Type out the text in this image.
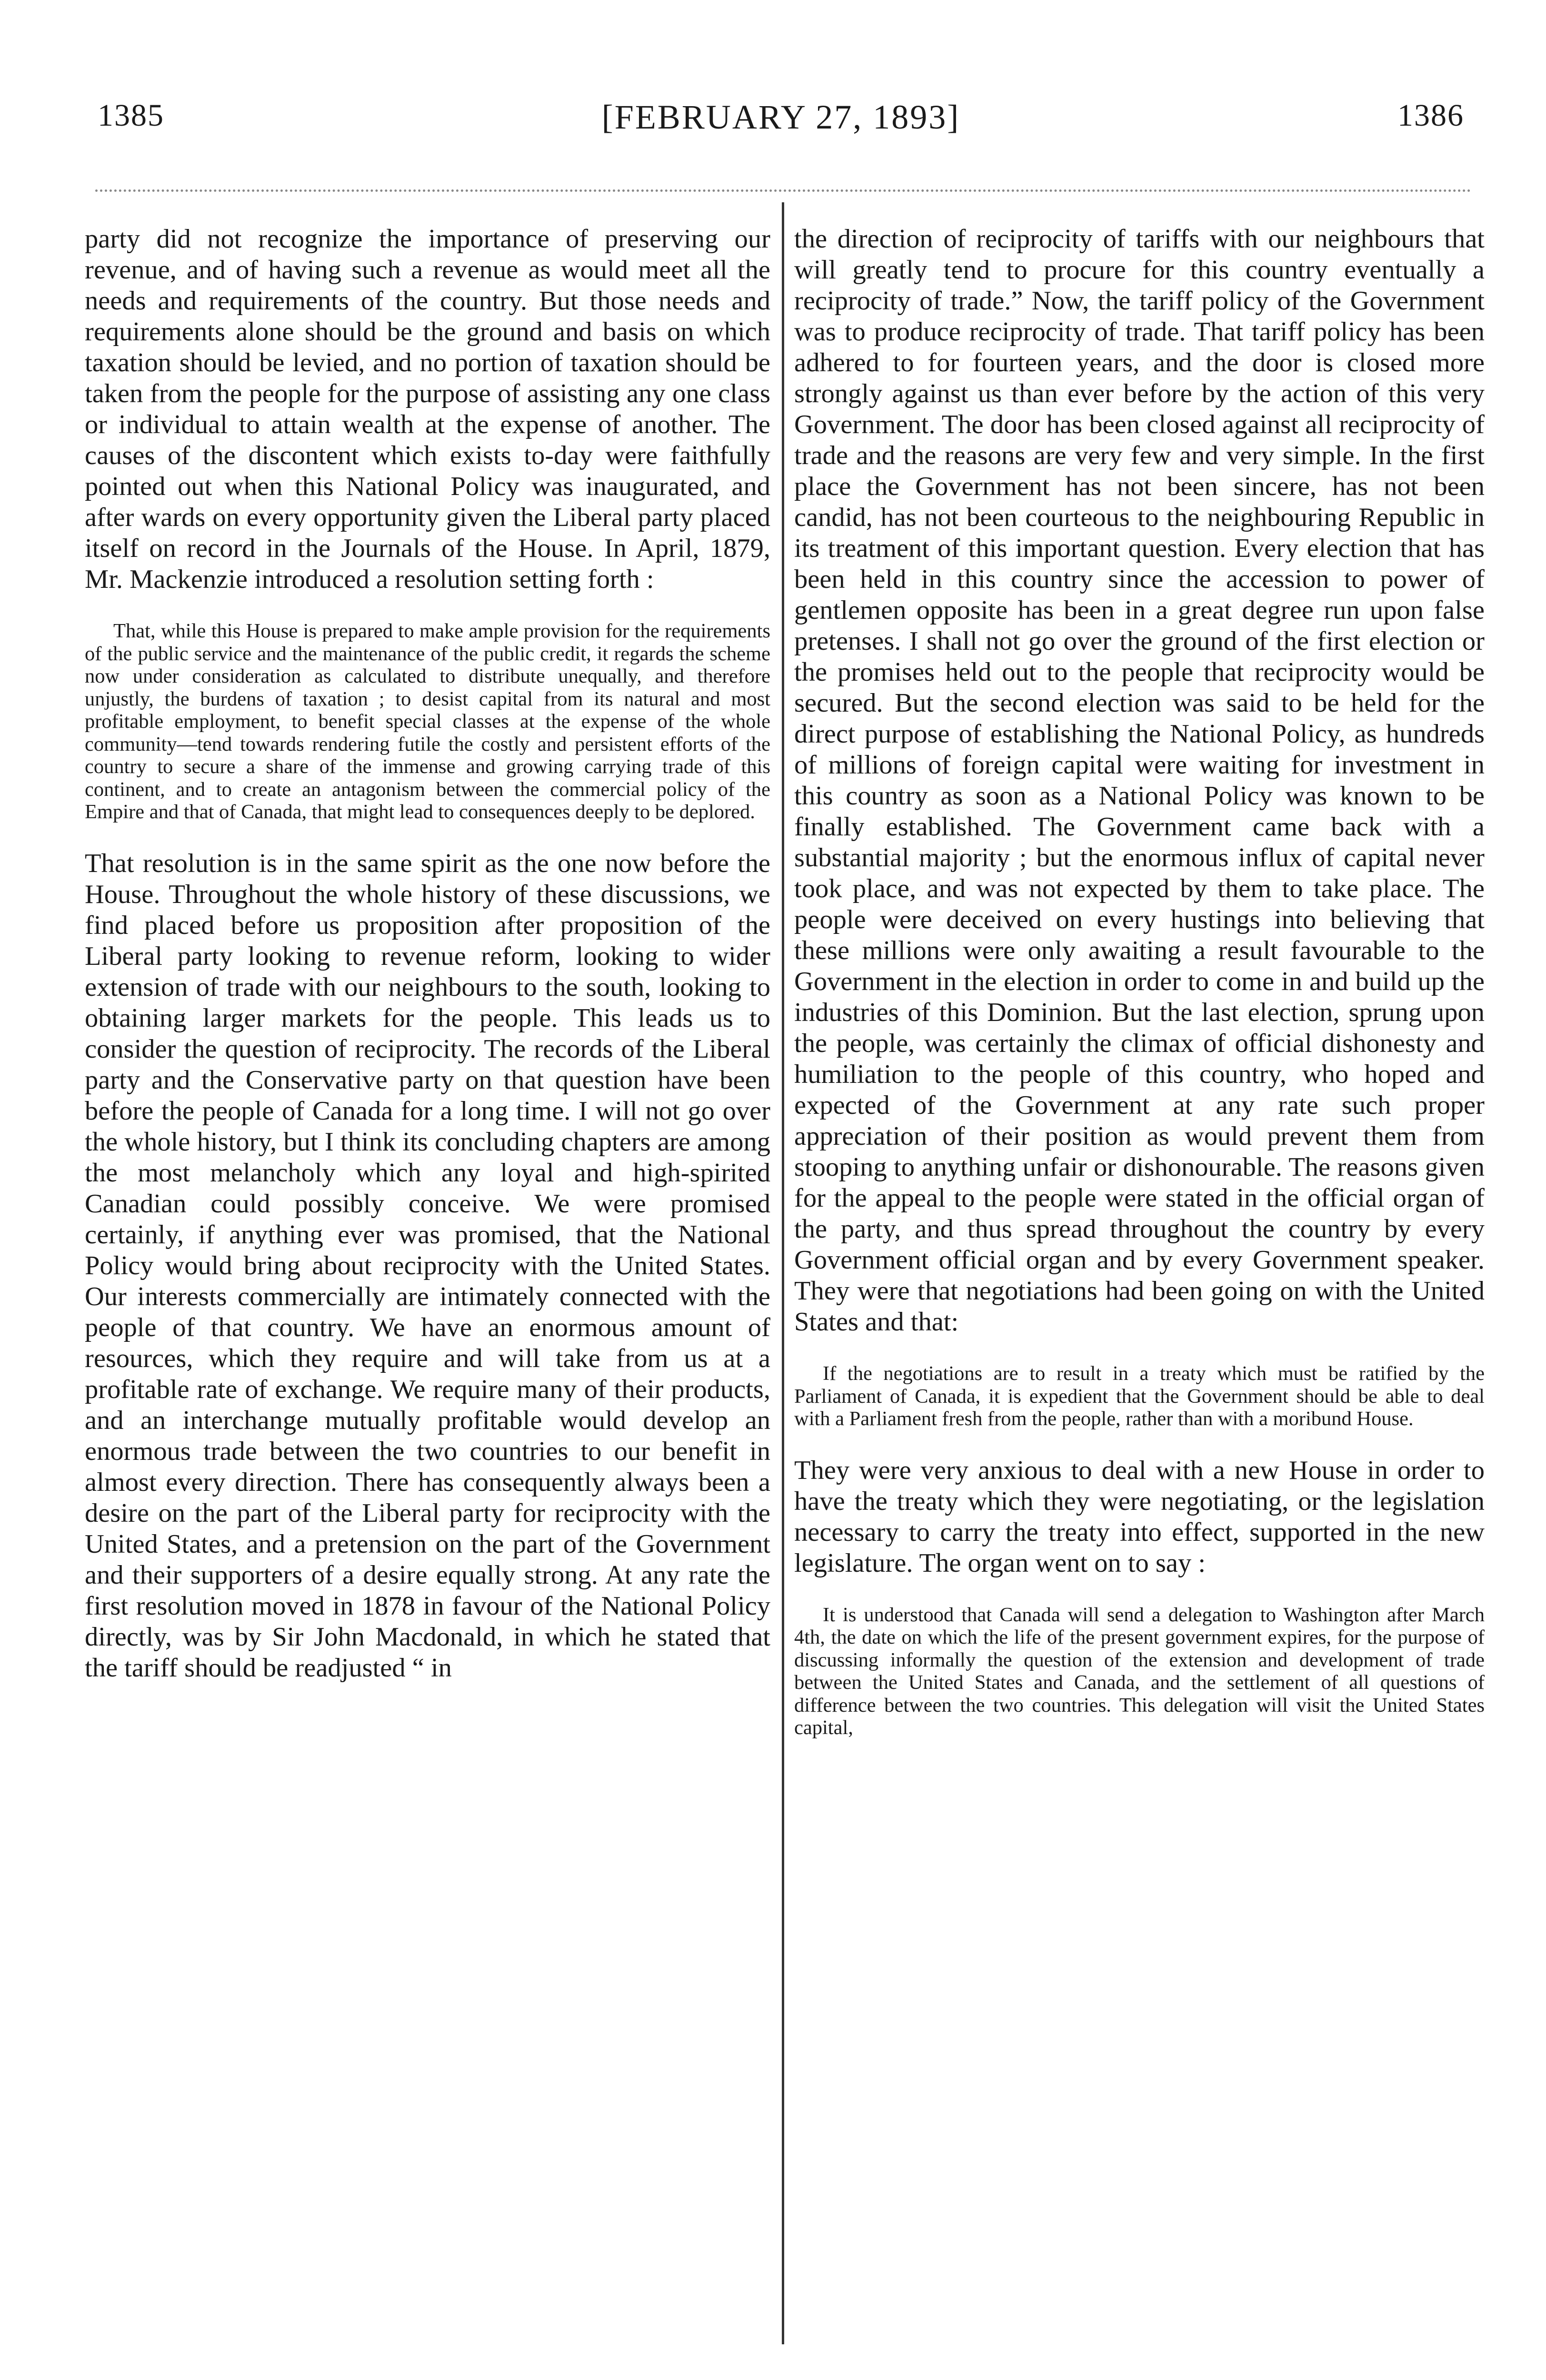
1385	[FEBRUARY 27, 1893]	1386

party did not recognize the importance of preserving our revenue, and of having such a revenue as would meet all the needs and requirements of the country. But those needs and requirements alone should be the ground and basis on which taxation should be levied, and no portion of taxation should be taken from the people for the purpose of assisting any one class or individual to attain wealth at the expense of another. The causes of the discontent which exists to-day were faithfully pointed out when this National Policy was inaugurated, and after wards on every opportunity given the Liberal party placed itself on record in the Journals of the House. In April, 1879, Mr. Mackenzie introduced a resolution setting forth :

That, while this House is prepared to make ample provision for the requirements of the public service and the maintenance of the public credit, it regards the scheme now under consideration as calculated to distribute unequally, and therefore unjustly, the burdens of taxation ; to desist capital from its natural and most profitable employment, to benefit special classes at the expense of the whole community—tend towards rendering futile the costly and persistent efforts of the country to secure a share of the immense and growing carrying trade of this continent, and to create an antagonism between the commercial policy of the Empire and that of Canada, that might lead to consequences deeply to be deplored.

That resolution is in the same spirit as the one now before the House. Throughout the whole history of these discussions, we find placed before us proposition after proposition of the Liberal party looking to revenue reform, looking to wider extension of trade with our neighbours to the south, looking to obtaining larger markets for the people. This leads us to consider the question of reciprocity. The records of the Liberal party and the Conservative party on that question have been before the people of Canada for a long time. I will not go over the whole history, but I think its concluding chapters are among the most melancholy which any loyal and high-spirited Canadian could possibly conceive. We were promised certainly, if anything ever was promised, that the National Policy would bring about reciprocity with the United States. Our interests commercially are intimately connected with the people of that country. We have an enormous amount of resources, which they require and will take from us at a profitable rate of exchange. We require many of their products, and an interchange mutually profitable would develop an enormous trade between the two countries to our benefit in almost every direction. There has consequently always been a desire on the part of the Liberal party for reciprocity with the United States, and a pretension on the part of the Government and their supporters of a desire equally strong. At any rate the first resolution moved in 1878 in favour of the National Policy directly, was by Sir John Macdonald, in which he stated that the tariff should be readjusted “ in

the direction of reciprocity of tariffs with our neighbours that will greatly tend to procure for this country eventually a reciprocity of trade.” Now, the tariff policy of the Government was to produce reciprocity of trade. That tariff policy has been adhered to for fourteen years, and the door is closed more strongly against us than ever before by the action of this very Government. The door has been closed against all reciprocity of trade and the reasons are very few and very simple. In the first place the Government has not been sincere, has not been candid, has not been courteous to the neighbouring Republic in its treatment of this important question. Every election that has been held in this country since the accession to power of gentlemen opposite has been in a great degree run upon false pretenses. I shall not go over the ground of the first election or the promises held out to the people that reciprocity would be secured. But the second election was said to be held for the direct purpose of establishing the National Policy, as hundreds of millions of foreign capital were waiting for investment in this country as soon as a National Policy was known to be finally established. The Government came back with a substantial majority ; but the enormous influx of capital never took place, and was not expected by them to take place. The people were deceived on every hustings into believing that these millions were only awaiting a result favourable to the Government in the election in order to come in and build up the industries of this Dominion. But the last election, sprung upon the people, was certainly the climax of official dishonesty and humiliation to the people of this country, who hoped and expected of the Government at any rate such proper appreciation of their position as would prevent them from stooping to anything unfair or dishonourable. The reasons given for the appeal to the people were stated in the official organ of the party, and thus spread throughout the country by every Government official organ and by every Government speaker. They were that negotiations had been going on with the United States and that:

If the negotiations are to result in a treaty which must be ratified by the Parliament of Canada, it is expedient that the Government should be able to deal with a Parliament fresh from the people, rather than with a moribund House.

They were very anxious to deal with a new House in order to have the treaty which they were negotiating, or the legislation necessary to carry the treaty into effect, supported in the new legislature. The organ went on to say :

It is understood that Canada will send a delegation to Washington after March 4th, the date on which the life of the present government expires, for the purpose of discussing informally the question of the extension and development of trade between the United States and Canada, and the settlement of all questions of difference between the two countries. This delegation will visit the United States capital,
